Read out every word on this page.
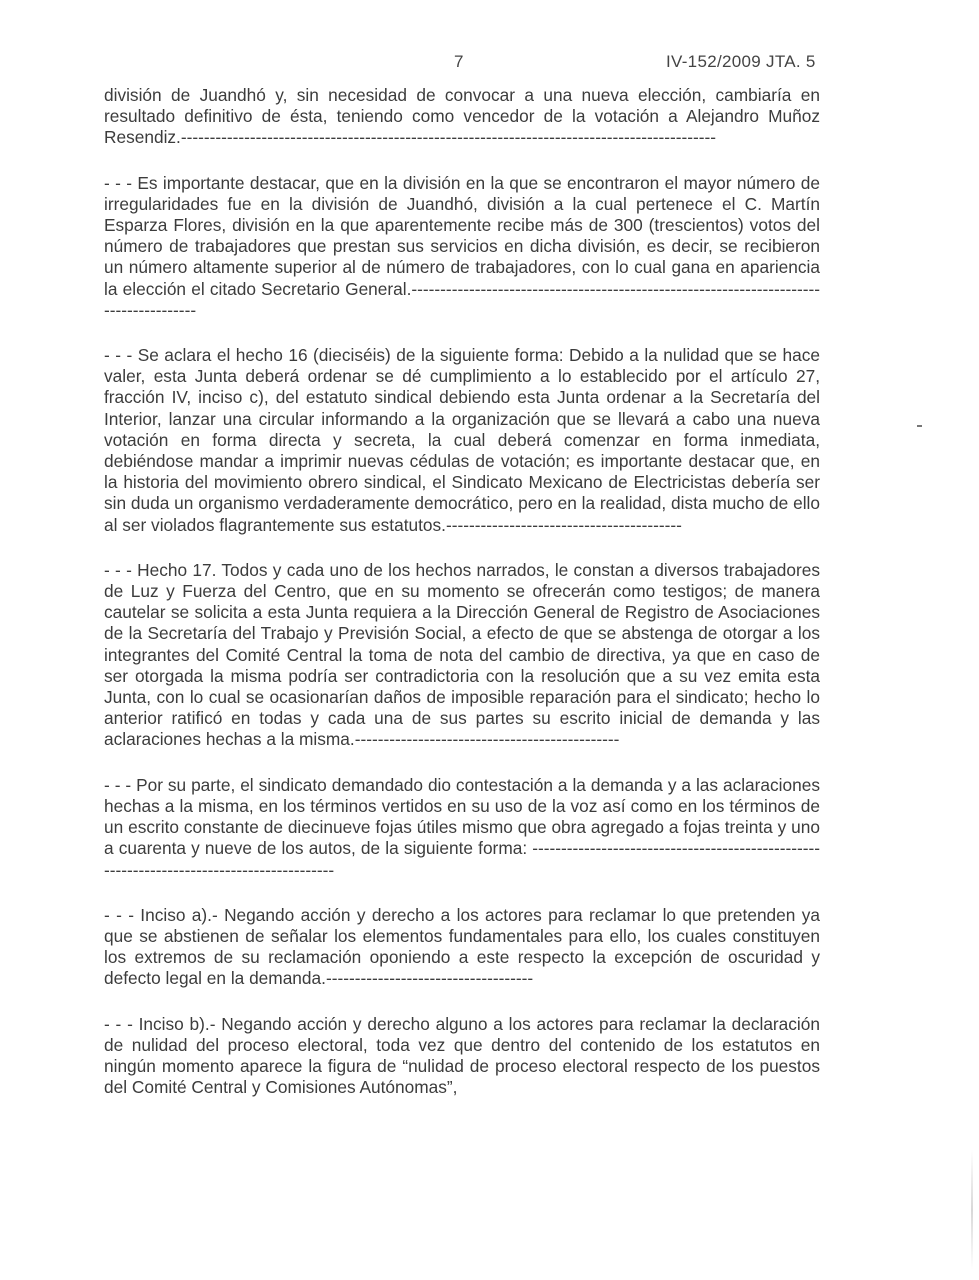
7	IV-152/2009 JTA. 5

división de Juandhó y, sin necesidad de convocar a una nueva elección, cambiaría en resultado definitivo de ésta, teniendo como vencedor de la votación a Alejandro Muñoz Resendiz.---------------------------------------------------------------------------------------------

- - - Es importante destacar, que en la división en la que se encontraron el mayor número de irregularidades fue en la división de Juandhó, división a la cual pertenece el C. Martín Esparza Flores, división en la que aparentemente recibe más de 300 (trescientos) votos del número de trabajadores que prestan sus servicios en dicha división, es decir, se recibieron un número altamente superior al de número de trabajadores, con lo cual gana en apariencia la elección el citado Secretario General.---------------------------------------------------------------------------------------

- - - Se aclara el hecho 16 (dieciséis) de la siguiente forma: Debido a la nulidad que se hace valer, esta Junta deberá ordenar se dé cumplimiento a lo establecido por el artículo 27, fracción IV, inciso c), del estatuto sindical debiendo esta Junta ordenar a la Secretaría del Interior, lanzar una circular informando a la organización que se llevará a cabo una nueva votación en forma directa y secreta, la cual deberá comenzar en forma inmediata, debiéndose mandar a imprimir nuevas cédulas de votación; es importante destacar que, en la historia del movimiento obrero sindical, el Sindicato Mexicano de Electricistas debería ser sin duda un organismo verdaderamente democrático, pero en la realidad, dista mucho de ello al ser violados flagrantemente sus estatutos.-----------------------------------------

- - - Hecho 17. Todos y cada uno de los hechos narrados, le constan a diversos trabajadores de Luz y Fuerza del Centro, que en su momento se ofrecerán como testigos; de manera cautelar se solicita a esta Junta requiera a la Dirección General de Registro de Asociaciones de la Secretaría del Trabajo y Previsión Social, a efecto de que se abstenga de otorgar a los integrantes del Comité Central la toma de nota del cambio de directiva, ya que en caso de ser otorgada la misma podría ser contradictoria con la resolución que a su vez emita esta Junta, con lo cual se ocasionarían daños de imposible reparación para el sindicato; hecho lo anterior ratificó en todas y cada una de sus partes su escrito inicial de demanda y las aclaraciones hechas a la misma.----------------------------------------------

- - - Por su parte, el sindicato demandado dio contestación a la demanda y a las aclaraciones hechas a la misma, en los términos vertidos en su uso de la voz así como en los términos de un escrito constante de diecinueve fojas útiles mismo que obra agregado a fojas treinta y uno a cuarenta y nueve de los autos, de la siguiente forma: ------------------------------------------------------------------------------------------

- - - Inciso a).- Negando acción y derecho a los actores para reclamar lo que pretenden ya que se abstienen de señalar los elementos fundamentales para ello, los cuales constituyen los extremos de su reclamación oponiendo a este respecto la excepción de oscuridad y defecto legal en la demanda.------------------------------------

- - - Inciso b).- Negando acción y derecho alguno a los actores para reclamar la declaración de nulidad del proceso electoral, toda vez que dentro del contenido de los estatutos en ningún momento aparece la figura de “nulidad de proceso electoral respecto de los puestos del Comité Central y Comisiones Autónomas”,
